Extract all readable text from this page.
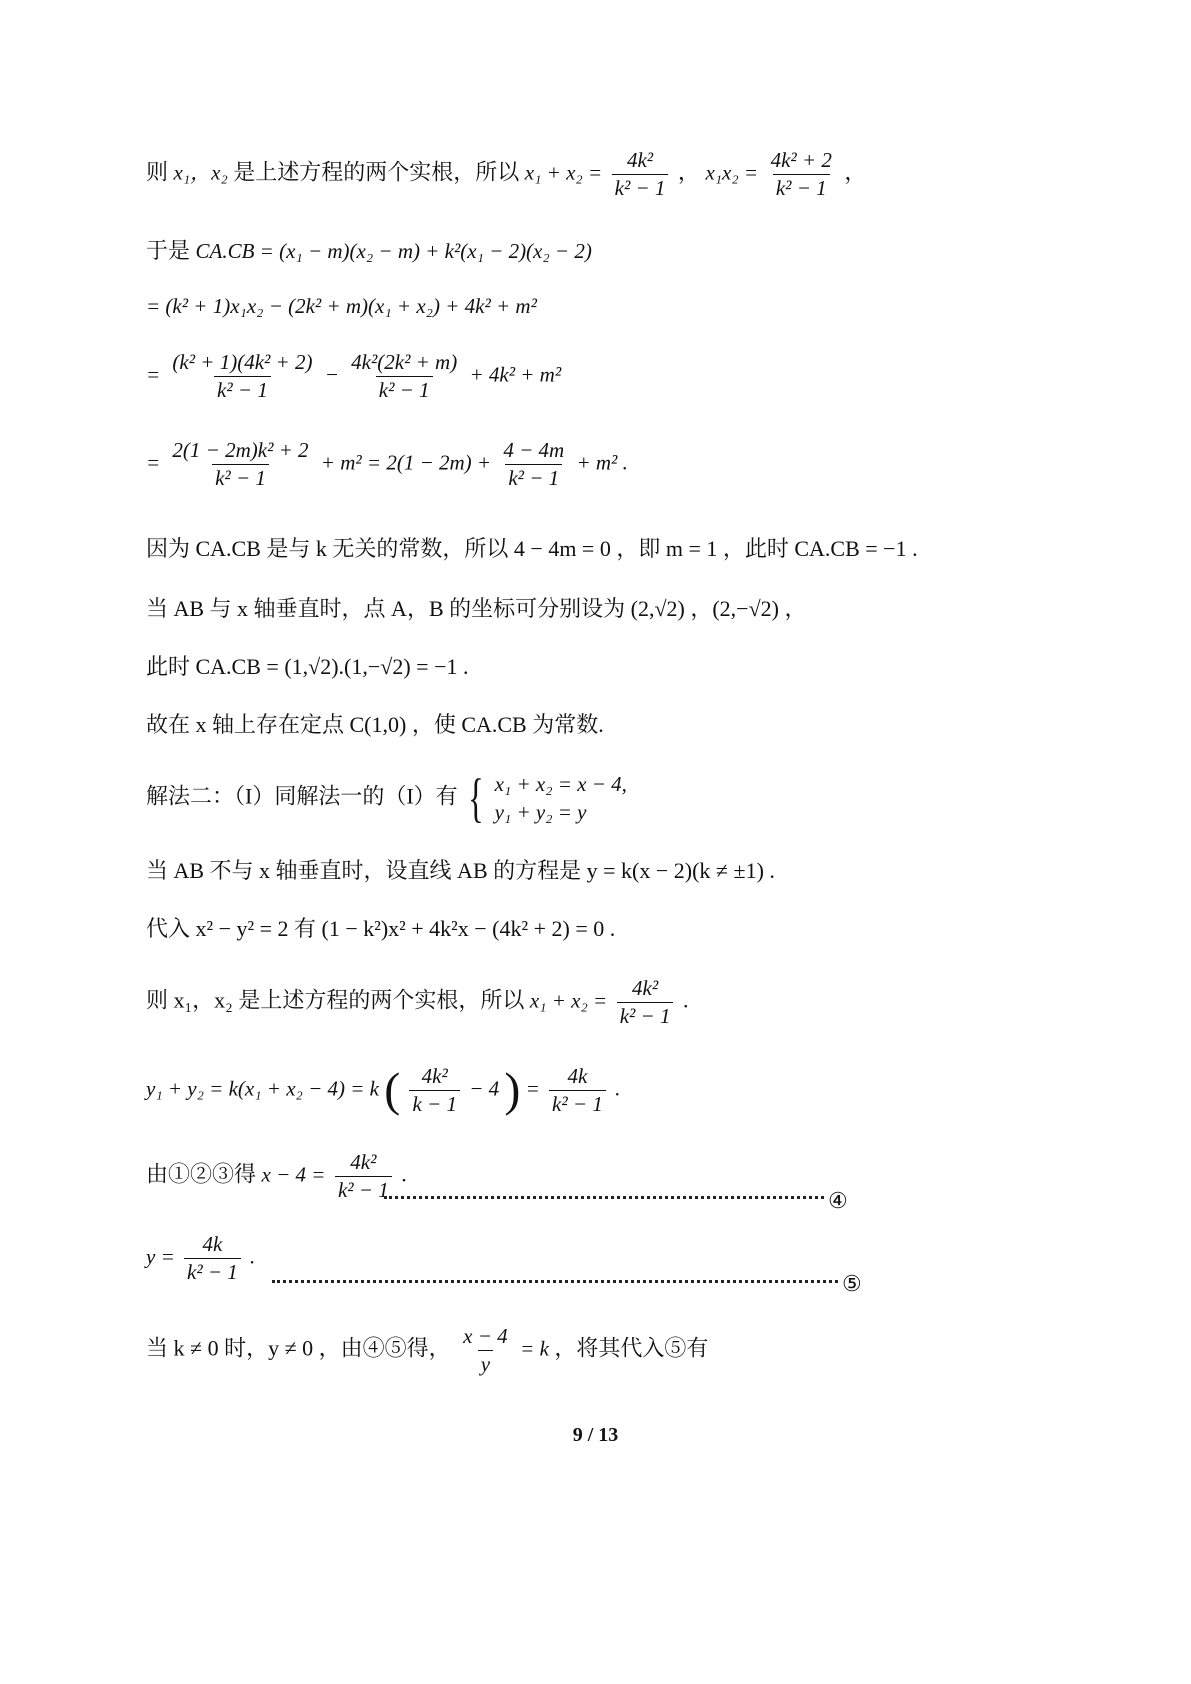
则 x₁，x₂ 是上述方程的两个实根，所以 $x_1 + x_2 = \frac{\text{4k²}}{\text{k² − 1}}$ ， $x_1x_2 = \frac{\text{4k² + 2}}{\text{k² − 1}}$ ，
于是 CA.CB = (x₁ − m)(x₂ − m) + k²(x₁ − 2)(x₂ − 2)
= (k² + 1)x₁x₂ − (2k² + m)(x₁ + x₂) + 4k² + m²
= $\frac{\text{(k² + 1)(4k² + 2)}}{\text{k² − 1}} - \frac{\text{4k²(2k² + m)}}{\text{k² − 1}} + 4k^2 + m^2$
= $\frac{\text{2(1 − 2m)k² + 2}}{\text{k² − 1}} + m^2 = 2(1 - 2m) + \frac{4 - 4m}{\text{k² − 1}} + m^2$ .
因为 CA.CB 是与 k 无关的常数，所以 4 − 4m = 0 ，即 m = 1 ，此时 CA.CB = −1 .
当 AB 与 x 轴垂直时，点 A，B 的坐标可分别设为 (2,√2) ，(2,−√2) ，
此时 CA.CB = (1,√2).(1,−√2) = −1 .
故在 x 轴上存在定点 C(1,0) ，使 CA.CB 为常数.
解法二：（I）同解法一的（I）有 { x₁ + x₂ = x − 4,
y₁ + y₂ = y
当 AB 不与 x 轴垂直时，设直线 AB 的方程是 y = k(x − 2)(k ≠ ±1) .
代入 x² − y² = 2 有 (1 − k²)x² + 4k²x − (4k² + 2) = 0 .
则 x₁，x₂ 是上述方程的两个实根，所以 $x_1 + x_2 = \frac{\text{4k²}}{\text{k² − 1}}$ .
y₁ + y₂ = k(x₁ + x₂ − 4) = k ( $\frac{\text{4k²}}{k - 1} - 4$ ) = $\frac{4k}{\text{k² − 1}}$ .
由①②③得 $x - 4 = \frac{\text{4k²}}{\text{k² − 1}}$ .
④
$y = \frac{4k}{\text{k² − 1}}$ .
⑤
当 k ≠ 0 时，y ≠ 0 ，由④⑤得， $\frac{x - 4}{y} = k$ ，将其代入⑤有
9 / 13
